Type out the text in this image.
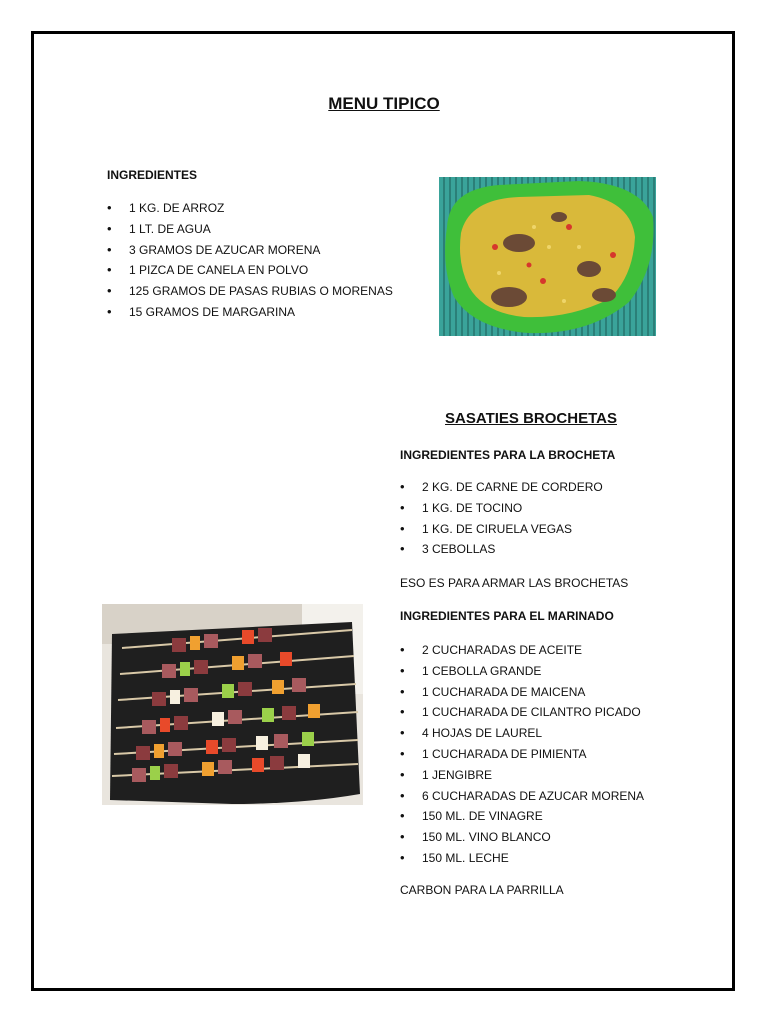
MENU TIPICO
INGREDIENTES
• 1 KG. DE ARROZ
• 1 LT. DE AGUA
• 3 GRAMOS DE AZUCAR MORENA
• 1 PIZCA DE CANELA EN POLVO
• 125 GRAMOS DE PASAS RUBIAS O MORENAS
• 15 GRAMOS DE MARGARINA
SASATIES BROCHETAS
INGREDIENTES PARA LA BROCHETA
• 2 KG. DE CARNE DE CORDERO
• 1 KG. DE TOCINO
• 1 KG. DE CIRUELA VEGAS
• 3 CEBOLLAS
ESO ES PARA ARMAR LAS BROCHETAS
INGREDIENTES PARA EL MARINADO
• 2 CUCHARADAS DE ACEITE
• 1 CEBOLLA GRANDE
• 1 CUCHARADA DE MAICENA
• 1 CUCHARADA DE CILANTRO PICADO
• 4 HOJAS DE LAUREL
• 1 CUCHARADA DE PIMIENTA
• 1 JENGIBRE
• 6 CUCHARADAS DE AZUCAR MORENA
• 150 ML. DE VINAGRE
• 150 ML. VINO BLANCO
• 150 ML. LECHE
CARBON PARA LA PARRILLA
